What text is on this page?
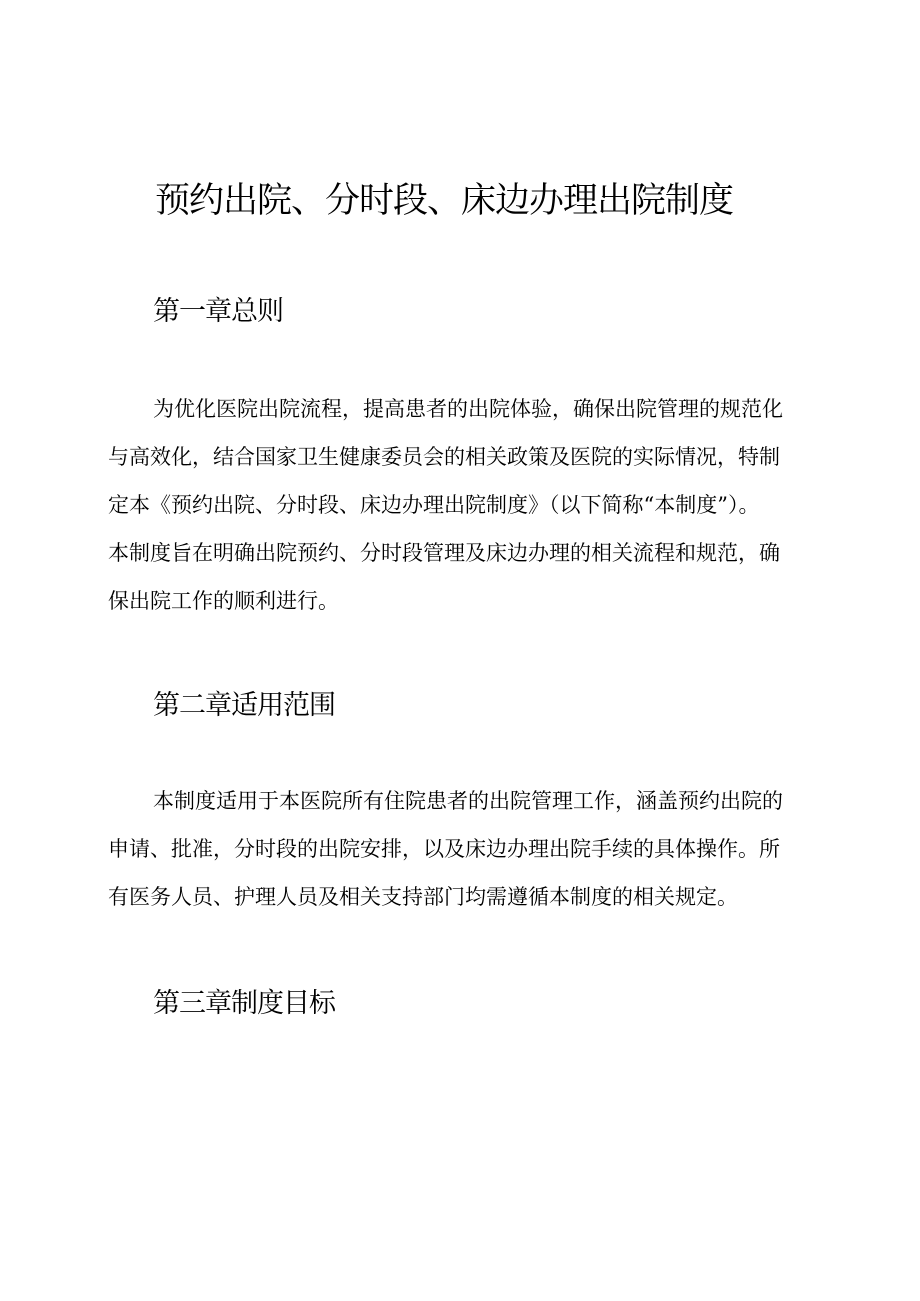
预约出院、分时段、床边办理出院制度
第一章总则

为优化医院出院流程，提高患者的出院体验，确保出院管理的规范化
与高效化，结合国家卫生健康委员会的相关政策及医院的实际情况，特制
定本《预约出院、分时段、床边办理出院制度》（以下简称“本制度”）。
本制度旨在明确出院预约、分时段管理及床边办理的相关流程和规范，确
保出院工作的顺利进行。

第二章适用范围

本制度适用于本医院所有住院患者的出院管理工作，涵盖预约出院的
申请、批准，分时段的出院安排，以及床边办理出院手续的具体操作。所
有医务人员、护理人员及相关支持部门均需遵循本制度的相关规定。

第三章制度目标
